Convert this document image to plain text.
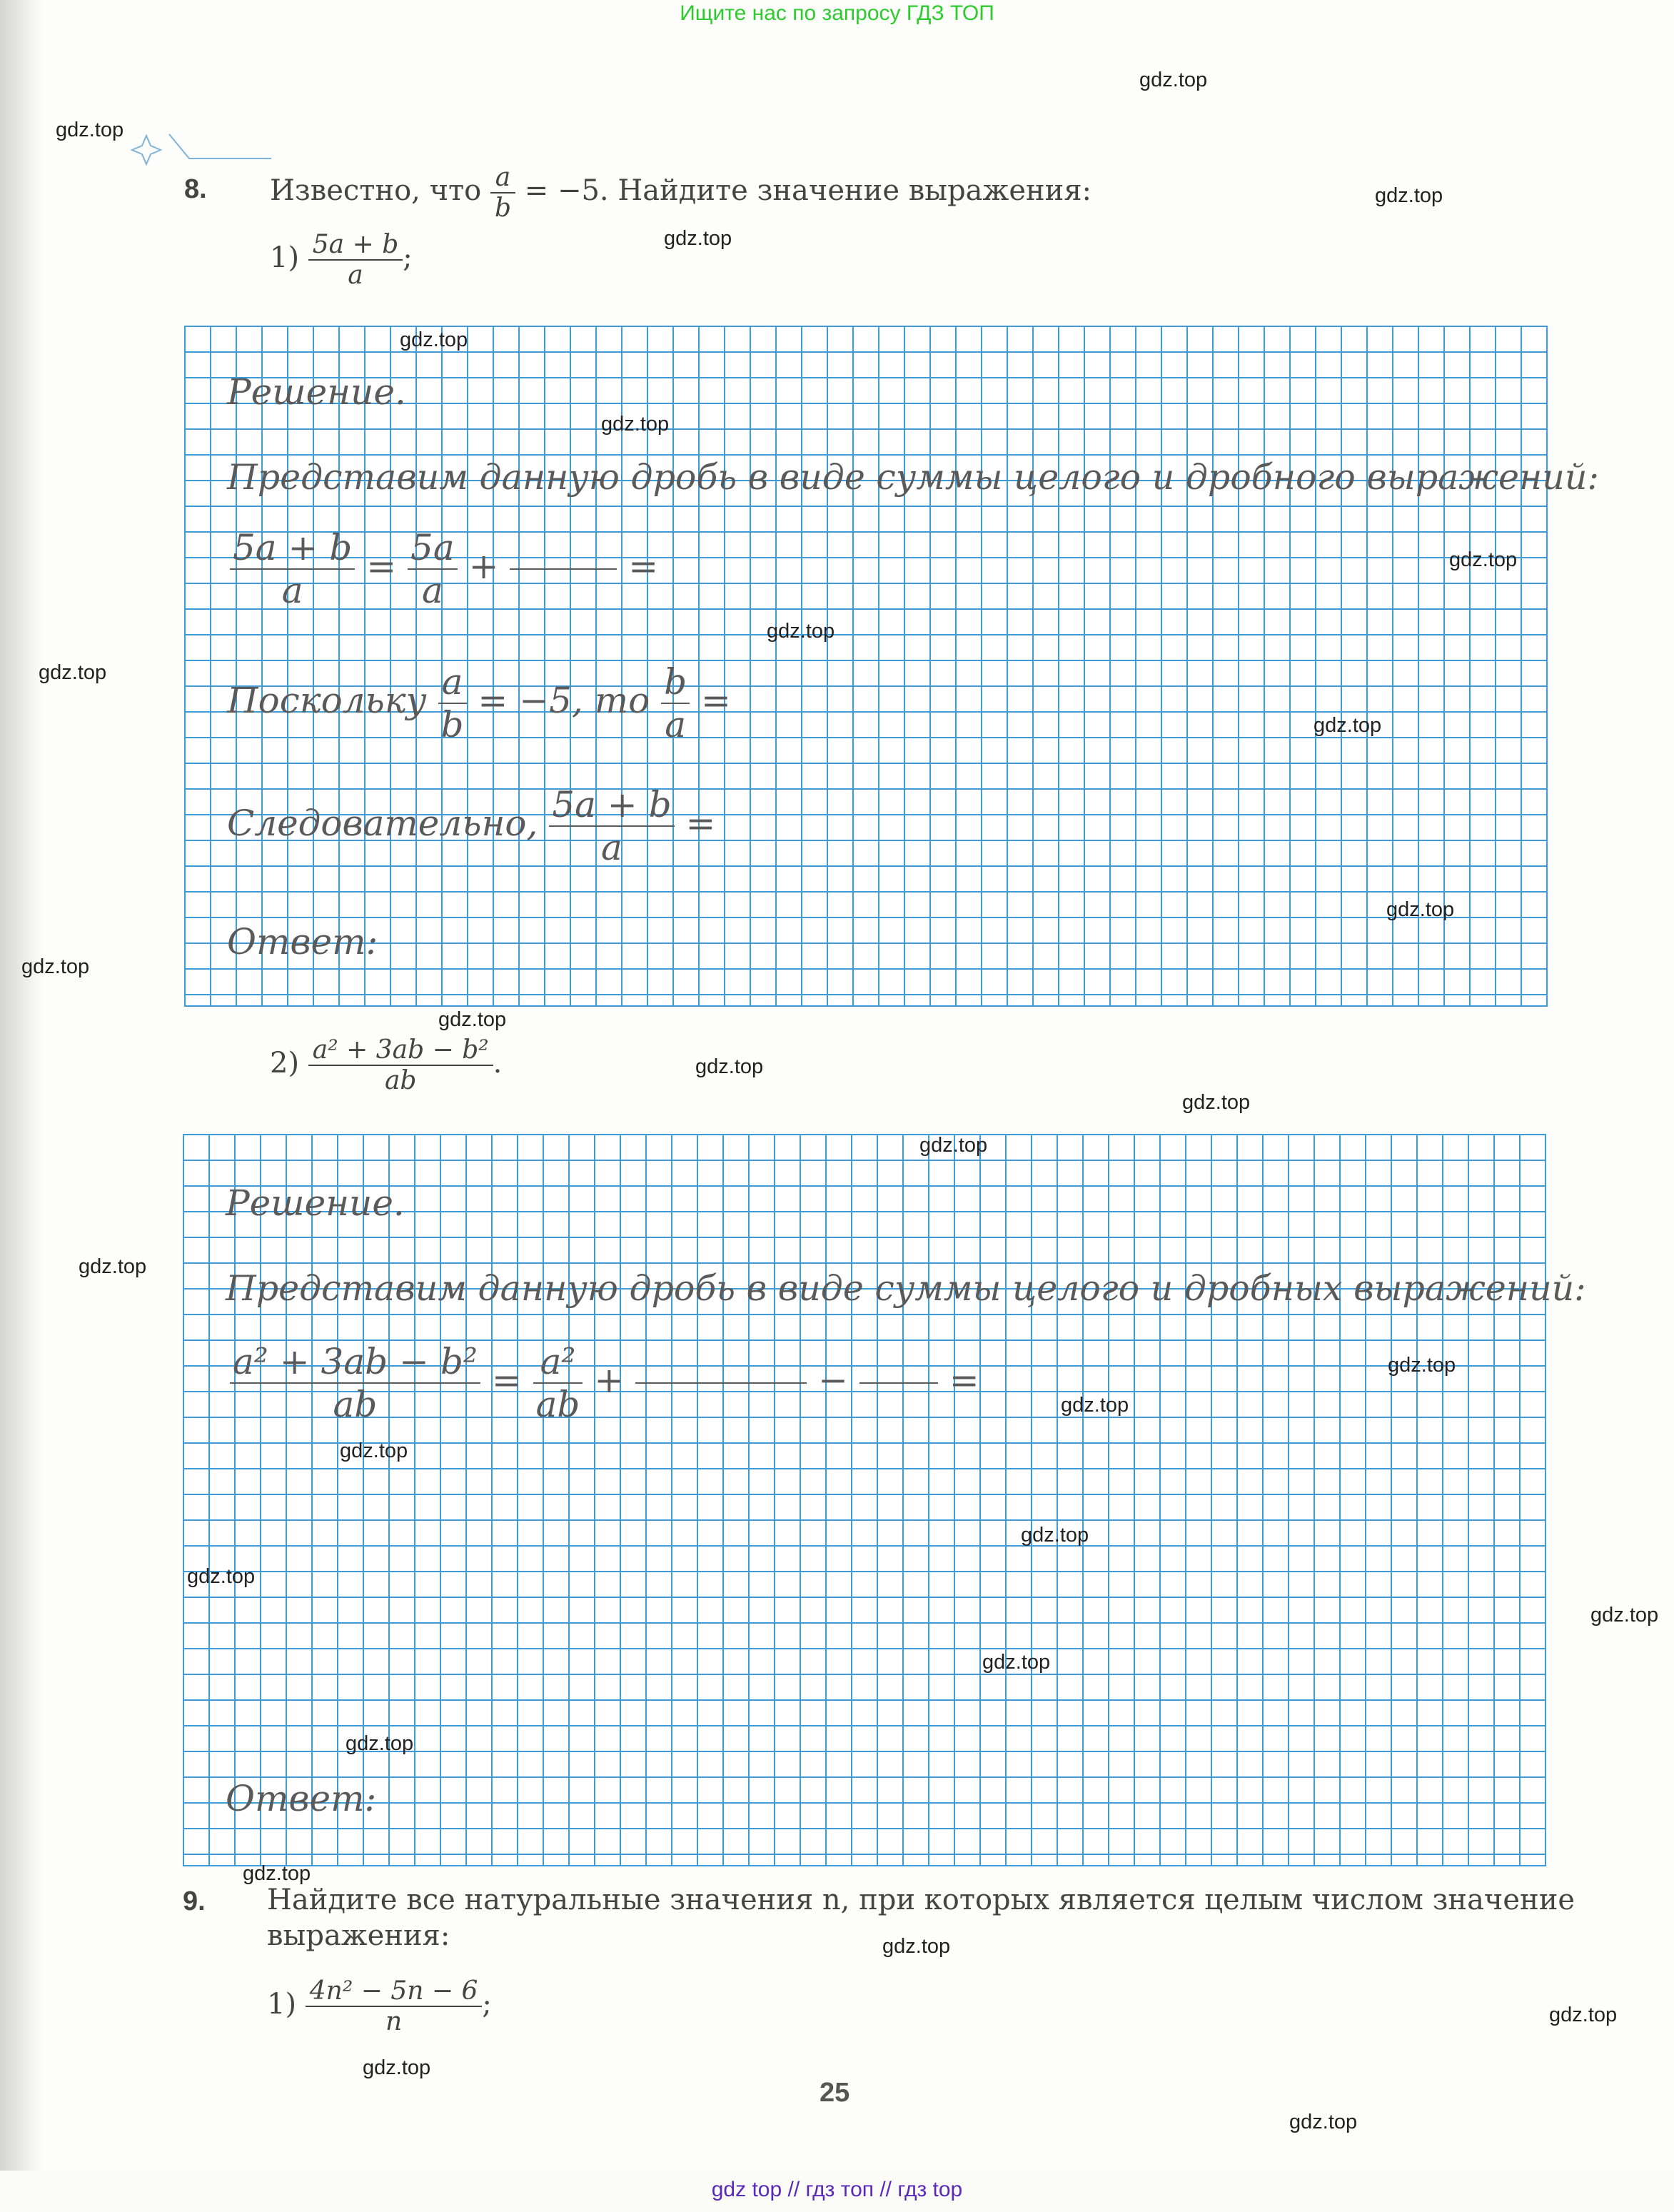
Ищите нас по запросу ГДЗ ТОП
8. Известно, что $\frac{a}{b} = -5$. Найдите значение выражения:
$1) \frac{5a + b}{a}$ ;
Решение.
Представим данную дробь в виде суммы целого и дробного выражений:
$\frac{5a + b}{a} = \frac{5a}{a}$ +	=
Поскольку $\frac{a}{b} = -5$, то $\frac{b}{a}$ =
Следовательно, $\frac{5a + b}{a}$ =
Ответ:
$2) \frac{\text{a² + 3ab − b²}}{ab}$ .
Решение.
Представим данную дробь в виде суммы целого и дробных выражений:
$\frac{\text{a² + 3ab − b²}}{ab} = \frac{\text{a²}}{ab}$ +	−	=
Ответ:
9. Найдите все натуральные значения n, при которых является целым числом значение
выражения:
$1) \frac{\text{4n² − 5n − 6}}{n}$ ;
25
gdz.top
gdz.top
gdz.top
gdz.top
gdz.top
gdz.top
gdz.top
gdz.top
gdz.top
gdz.top
gdz.top
gdz.top
gdz.top
gdz.top
gdz.top
gdz.top
gdz.top
gdz.top
gdz.top
gdz.top
gdz.top
gdz.top
gdz.top
gdz.top
gdz.top
gdz.top
gdz.top
gdz.top
gdz.top
gdz.top
gdz top // гдз топ // гдз top
